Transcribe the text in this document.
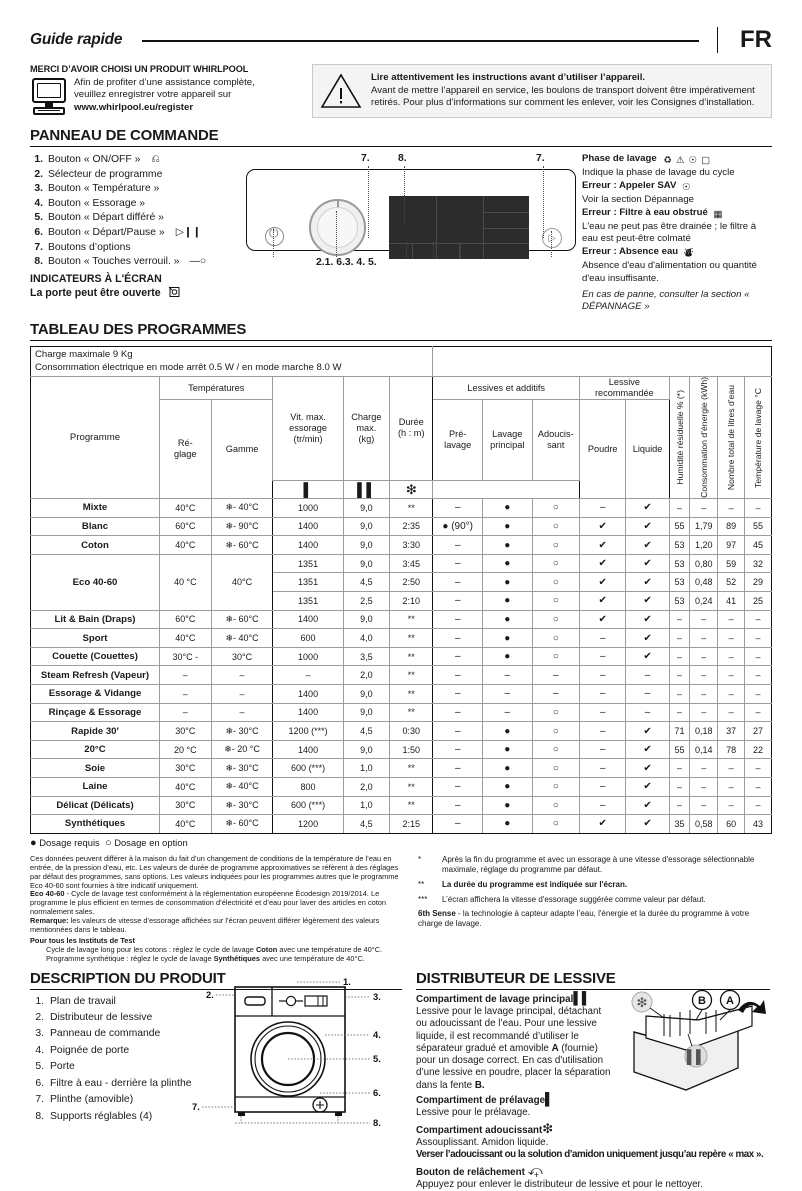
Guide rapide	FR
MERCI D’AVOIR CHOISI UN PRODUIT WHIRLPOOL
Afin de profiter d’une assistance complète,
veuillez enregistrer votre appareil sur
www.whirlpool.eu/register
Lire attentivement les instructions avant d’utiliser l’appareil.
Avant de mettre l’appareil en service, les boulons de transport doivent être impérativement retirés. Pour plus d’informations sur comment les enlever, voir les Consignes d’installation.
PANNEAU DE COMMANDE
1. Bouton « ON/OFF » ⎌
2. Sélecteur de programme
3. Bouton « Température »
4. Bouton « Essorage »
5. Bouton « Départ différé »
6. Bouton « Départ/Pause » ▷❙❙
7. Boutons d’options
8. Bouton « Touches verrouil. » —○
INDICATEURS À L'ÉCRAN
La porte peut être ouverte
7.	8.	7.
⏻
▷
2.1. 6.3. 4. 5.
Phase de lavage ♻⚠☉▢
Indique la phase de lavage du cycle
Erreur : Appeler SAV ☉
Voir la section Dépannage
Erreur : Filtre à eau obstrué ▦
L'eau ne peut pas être drainée ; le filtre à eau est peut-être colmaté
Erreur : Absence eau ⛇
Absence d'eau d'alimentation ou quantité d'eau insuffisante.
En cas de panne, consulter la section « DÉPANNAGE »
TABLEAU DES PROGRAMMES
Charge maximale 9 Kg
Consommation électrique en mode arrêt 0.5 W / en mode marche 8.0 W														

Programme	Températures	
Vit. max.
essorage
(tr/min)

Charge
max.
(kg)

Durée
(h : m)
	Lessives et additifs	
Lessive
recommandée	Humidité résiduelle % (*)	Consommation d’énergie (kWh)	Nombre total de litres d’eau	Température de lavage °C

Ré-
glage
	Gamme	
Pré-
lavage

Lavage
principal

Adoucis-
sant	Poudre	Liquide
			▌	▌▌	❇									
Mixte	40°C	❄- 40°C	1000	9,0	**	–	●	○	–	✔	–	–	–	–
Blanc	60°C	❄- 90°C	1400	9,0	2:35	● (90°)	●	○	✔	✔	55	1,79	89	55
Coton	40°C	❄- 60°C	1400	9,0	3:30	–	●	○	✔	✔	53	1,20	97	45
Eco 40-60	40 °C	40°C	1351	9,0	3:45	–	●	○	✔	✔	53	0,80	59	32
			1351	4,5	2:50	–	●	○	✔	✔	53	0,48	52	29
			1351	2,5	2:10	–	●	○	✔	✔	53	0,24	41	25
Lit & Bain (Draps)	60°C	❄- 60°C	1400	9,0	**	–	●	○	✔	✔	–	–	–	–
Sport	40°C	❄- 40°C	600	4,0	**	–	●	○	–	✔	–	–	–	–
Couette (Couettes)	30°C -	30°C	1000	3,5	**	–	●	○	–	✔	–	–	–	–
Steam Refresh (Vapeur)	–	–	–	2,0	**	–	–	–	–	–	–	–	–	–
Essorage & Vidange	–	–	1400	9,0	**	–	–	–	–	–	–	–	–	–
Rinçage & Essorage	–	–	1400	9,0	**	–	–	○	–	–	–	–	–	–
Rapide 30′	30°C	❄- 30°C	1200 (***)	4,5	0:30	–	●	○	–	✔	71	0,18	37	27
20°C	20 °C	❄- 20 °C	1400	9,0	1:50	–	●	○	–	✔	55	0,14	78	22
Soie	30°C	❄- 30°C	600 (***)	1,0	**	–	●	○	–	✔	–	–	–	–
Laine	40°C	❄- 40°C	800	2,0	**	–	●	○	–	✔	–	–	–	–
Délicat (Délicats)	30°C	❄- 30°C	600 (***)	1,0	**	–	●	○	–	✔	–	–	–	–
Synthétiques	40°C	❄- 60°C	1200	4,5	2:15	–	●	○	✔	✔	35	0,58	60	43
● Dosage requis ○ Dosage en option
Ces données peuvent différer à la maison du fait d’un changement de conditions de la température de l’eau en entrée, de la pression d’eau, etc. Les valeurs de durée de programme approximatives se réfèrent à des réglages par défaut des programmes, sans options. Les valeurs indiquées pour les programmes autres que le programme Eco 40-60 sont fournies à titre indicatif uniquement.
Eco 40-60 - Cycle de lavage test conformément à la réglementation européenne Écodesign 2019/2014. Le programme le plus efficient en termes de consommation d’électricité et d’eau pour laver des articles en coton normalement sales.
Remarque: les valeurs de vitesse d’essorage affichées sur l’écran peuvent différer légèrement des valeurs mentionnées dans le tableau.
Pour tous les Instituts de Test
Cycle de lavage long pour les cotons : réglez le cycle de lavage Coton avec une température de 40°C.
Programme synthétique : réglez le cycle de lavage Synthétiques avec une température de 40°C.
*	Après la fin du programme et avec un essorage à une vitesse d'essorage sélectionnable maximale, réglage du programme par défaut.
**	La durée du programme est indiquée sur l'écran.
***	L’écran affichera la vitesse d'essorage suggérée comme valeur par défaut.
6th Sense - la technologie à capteur adapte l’eau, l'énergie et la durée du programme à votre charge de lavage.
DESCRIPTION DU PRODUIT
1. Plan de travail
2. Distributeur de lessive
3. Panneau de commande
4. Poignée de porte
5. Porte
6. Filtre à eau - derrière la plinthe
7. Plinthe (amovible)
8. Supports réglables (4)
1.
2.	3.
4.
5.
6.
7.
8.
DISTRIBUTEUR DE LESSIVE
Compartiment de lavage principal▌▌
Lessive pour le lavage principal, détachant ou adoucissant de l’eau. Pour une lessive liquide, il est recommandé d’utiliser le séparateur gradué et amovible A (fournie) pour un dosage correct. En cas d'utilisation d’une lessive en poudre, placer la séparation dans la fente B.
Compartiment de prélavage▌
Lessive pour le prélavage.
B A
❇
▌▌
Compartiment adoucissant❇
Assouplissant. Amidon liquide.
Verser l’adoucissant ou la solution d’amidon uniquement jusqu’au repère « max ».
Bouton de relâchement ⤽
Appuyez pour enlever le distributeur de lessive et pour le nettoyer.
